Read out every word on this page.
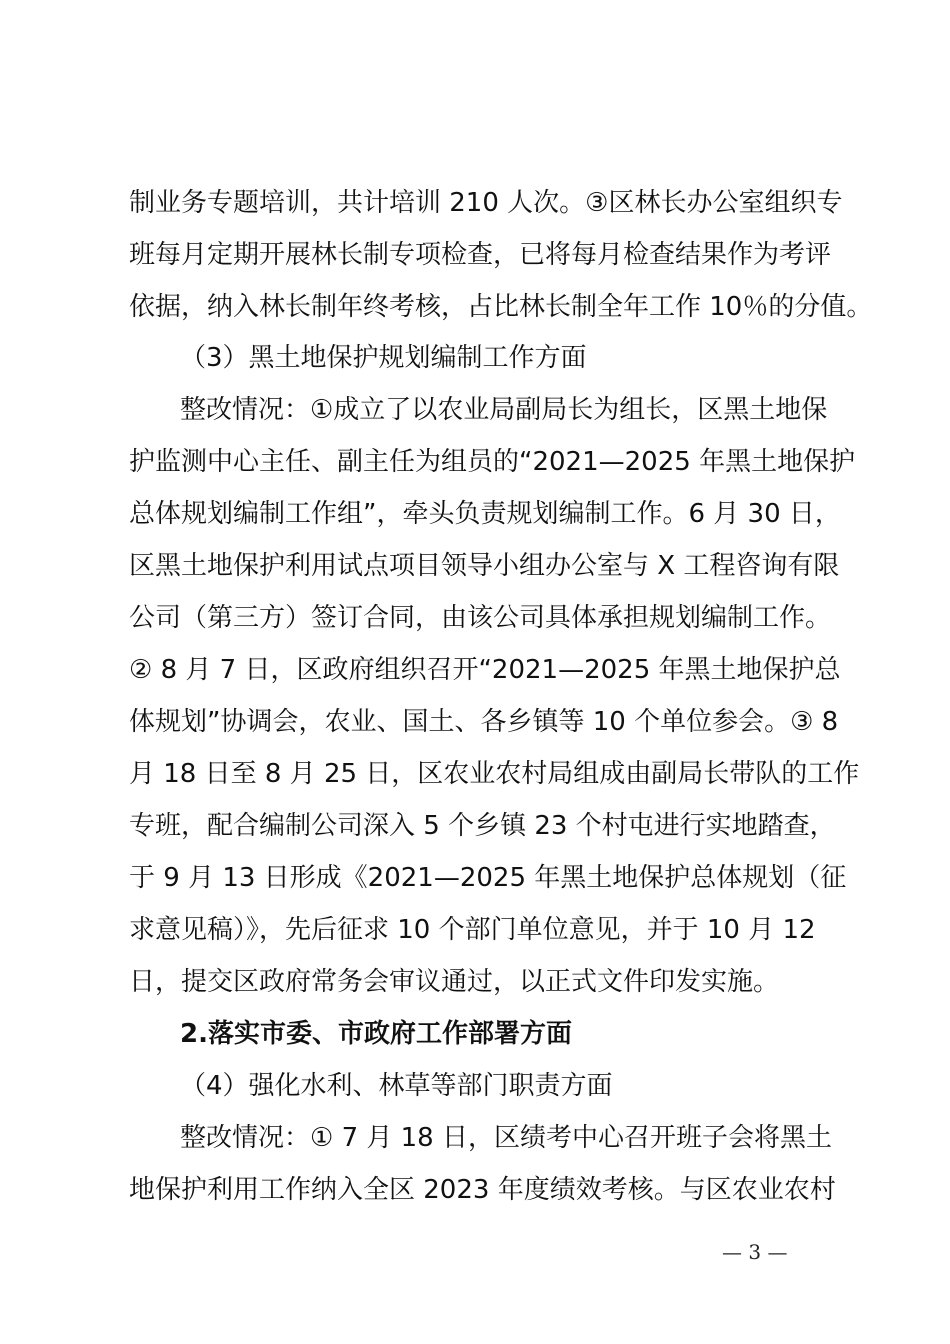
制业务专题培训，共计培训 210 人次。③区林长办公室组织专
班每月定期开展林长制专项检查，已将每月检查结果作为考评
依据，纳入林长制年终考核，占比林长制全年工作 10％的分值。
（3）黑土地保护规划编制工作方面
整改情况：①成立了以农业局副局长为组长，区黑土地保
护监测中心主任、副主任为组员的“2021—2025 年黑土地保护
总体规划编制工作组”，牵头负责规划编制工作。6 月 30 日，
区黑土地保护利用试点项目领导小组办公室与 X 工程咨询有限
公司（第三方）签订合同，由该公司具体承担规划编制工作。
② 8 月 7 日，区政府组织召开“2021—2025 年黑土地保护总
体规划”协调会，农业、国土、各乡镇等 10 个单位参会。③ 8
月 18 日至 8 月 25 日，区农业农村局组成由副局长带队的工作
专班，配合编制公司深入 5 个乡镇 23 个村屯进行实地踏查，
于 9 月 13 日形成《2021—2025 年黑土地保护总体规划（征
求意见稿）》，先后征求 10 个部门单位意见，并于 10 月 12
日，提交区政府常务会审议通过，以正式文件印发实施。
2.落实市委、市政府工作部署方面
（4）强化水利、林草等部门职责方面
整改情况：① 7 月 18 日，区绩考中心召开班子会将黑土
地保护利用工作纳入全区 2023 年度绩效考核。与区农业农村
— 3 —
